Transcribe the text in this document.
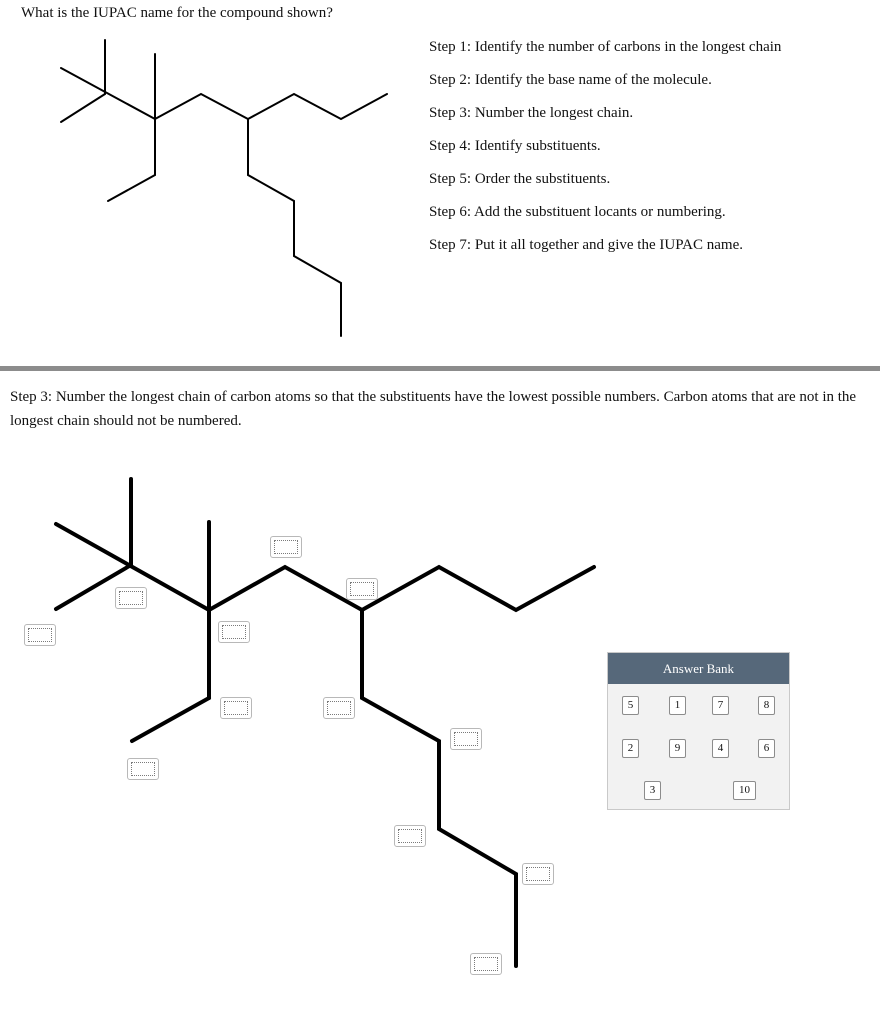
What is the IUPAC name for the compound shown?
Step 1: Identify the number of carbons in the longest chain
Step 2: Identify the base name of the molecule.
Step 3: Number the longest chain.
Step 4: Identify substituents.
Step 5: Order the substituents.
Step 6: Add the substituent locants or numbering.
Step 7: Put it all together and give the IUPAC name.
Step 3: Number the longest chain of carbon atoms so that the substituents have the lowest possible numbers. Carbon atoms that are not in the longest chain should not be numbered.
Answer Bank
5	1	7	8
2	9	4	6
3	10
